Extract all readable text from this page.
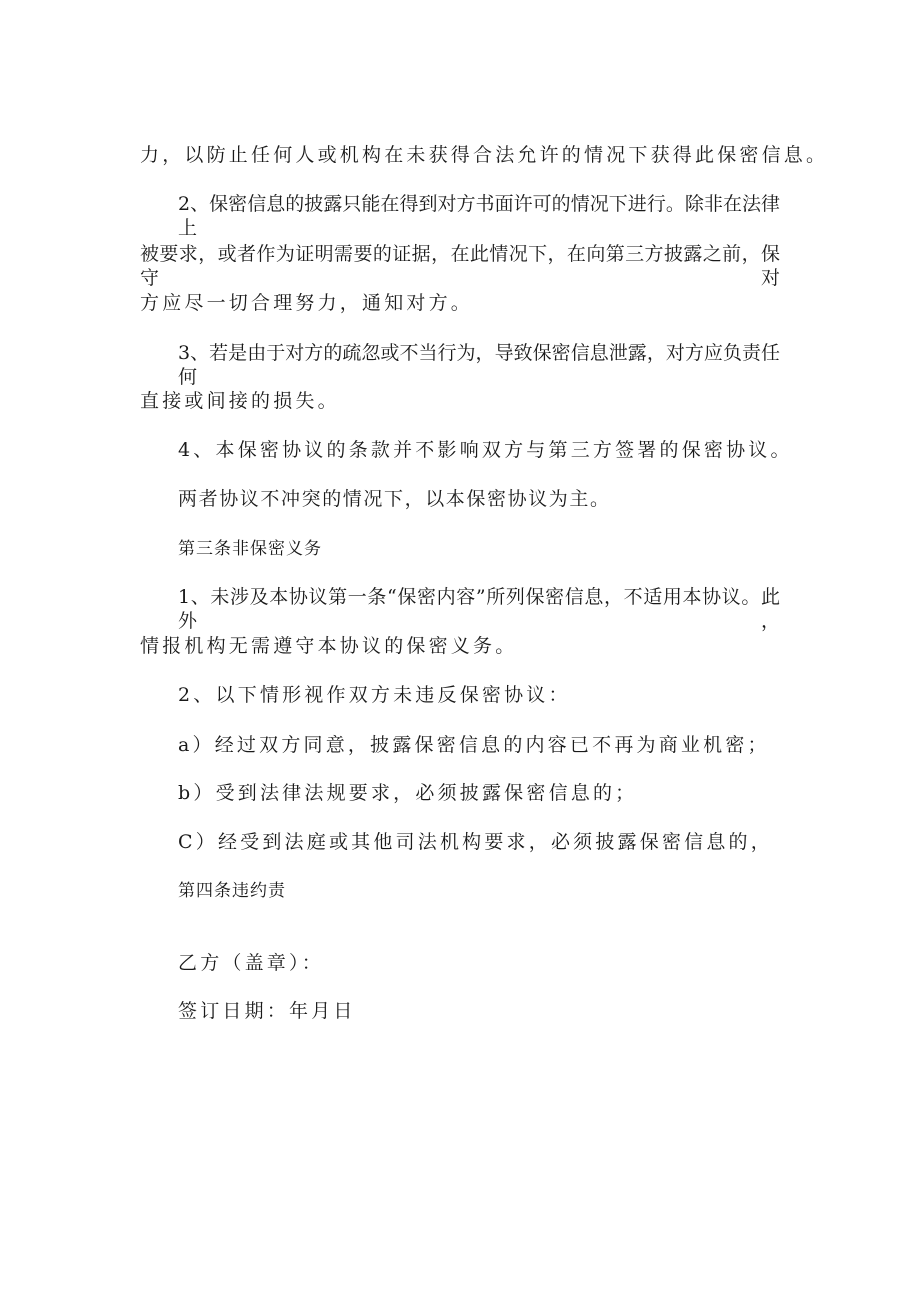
力，以防止任何人或机构在未获得合法允许的情况下获得此保密信息。
2、保密信息的披露只能在得到对方书面许可的情况下进行。除非在法律上
被要求，或者作为证明需要的证据，在此情况下，在向第三方披露之前，保守对
方应尽一切合理努力，通知对方。
3、若是由于对方的疏忽或不当行为，导致保密信息泄露，对方应负责任何
直接或间接的损失。
4、本保密协议的条款并不影响双方与第三方签署的保密协议。
两者协议不冲突的情况下，以本保密协议为主。
第三条非保密义务
1、未涉及本协议第一条“保密内容”所列保密信息，不适用本协议。此外，
情报机构无需遵守本协议的保密义务。
2、以下情形视作双方未违反保密协议：
a）经过双方同意，披露保密信息的内容已不再为商业机密；
b）受到法律法规要求，必须披露保密信息的；
C）经受到法庭或其他司法机构要求，必须披露保密信息的，
第四条违约责
乙方（盖章）：
签订日期：年月日
